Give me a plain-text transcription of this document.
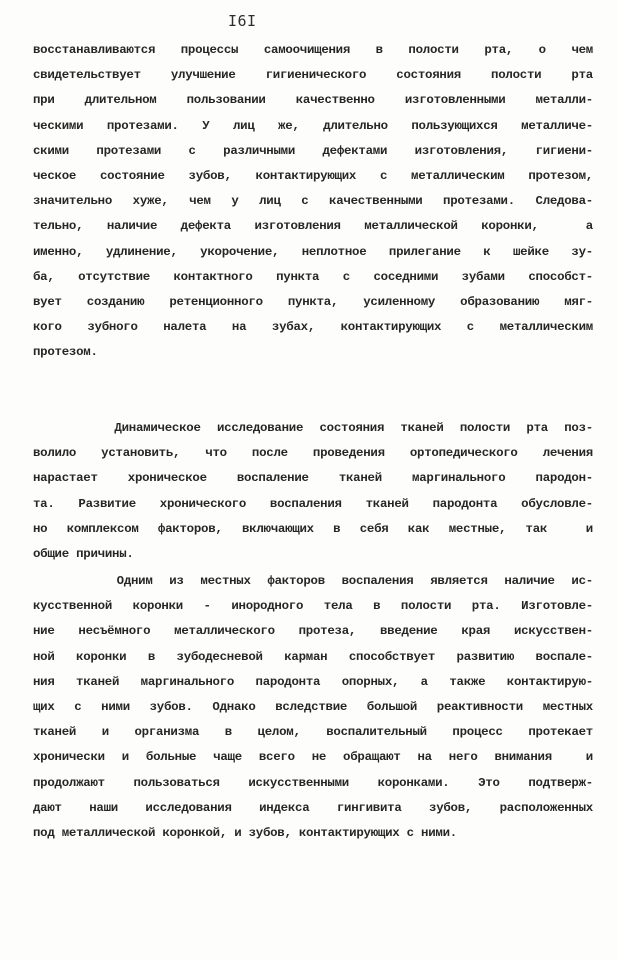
I6I
восстанавливаются процессы самоочищения в полости рта, о чем
свидетельствует улучшение гигиенического состояния полости рта
при длительном пользовании качественно изготовленными металли-
ческими протезами. У лиц же, длительно пользующихся металличе-
скими протезами с различными дефектами изготовления, гигиени-
ческое состояние зубов, контактирующих с металлическим протезом,
значительно хуже, чем у лиц с качественными протезами. Следова-
тельно, наличие дефекта изготовления металлической коронки,  а
именно, удлинение, укорочение, неплотное прилегание к шейке зу-
ба, отсутствие контактного пункта с соседними зубами способст-
вует созданию ретенционного пункта, усиленному образованию мяг-
кого зубного налета на зубах, контактирующих с металлическим
протезом.
Динамическое исследование состояния тканей полости рта поз-
волило установить, что после проведения ортопедического лечения
нарастает хроническое воспаление тканей маргинального пародон-
та. Развитие хронического воспаления тканей пародонта обусловле-
но комплексом факторов, включающих в себя как местные, так  и
общие причины.
Одним из местных факторов воспаления является наличие ис-
кусственной коронки - инородного тела в полости рта. Изготовле-
ние несъёмного металлического протеза, введение края искусствен-
ной коронки в зубодесневой карман способствует развитию воспале-
ния тканей маргинального пародонта опорных, а также контактирую-
щих с ними зубов. Однако вследствие большой реактивности местных
тканей и организма в целом, воспалительный процесс протекает
хронически и больные чаще всего не обращают на него внимания  и
продолжают пользоваться искусственными коронками. Это подтверж-
дают наши исследования индекса гингивита зубов, расположенных
под металлической коронкой, и зубов, контактирующих с ними.
